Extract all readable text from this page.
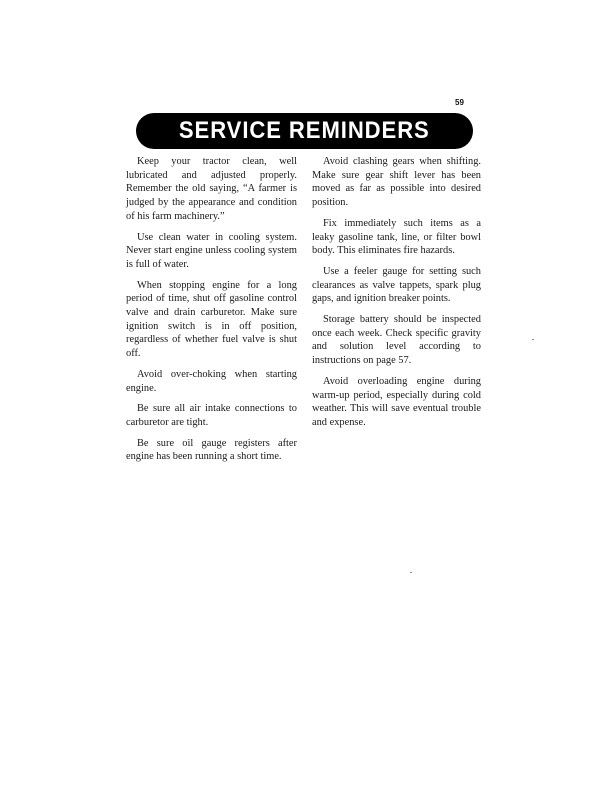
59
SERVICE REMINDERS

Keep your tractor clean, well lubricated and adjusted properly. Remember the old saying, “A farmer is judged by the appearance and condition of his farm machinery.”

Use clean water in cooling system. Never start engine unless cooling system is full of water.

When stopping engine for a long period of time, shut off gasoline control valve and drain carburetor. Make sure ignition switch is in off position, regardless of whether fuel valve is shut off.

Avoid over-choking when starting engine.

Be sure all air intake connections to carburetor are tight.

Be sure oil gauge registers after engine has been running a short time.

Avoid clashing gears when shifting. Make sure gear shift lever has been moved as far as possible into desired position.

Fix immediately such items as a leaky gasoline tank, line, or filter bowl body. This eliminates fire hazards.

Use a feeler gauge for setting such clearances as valve tappets, spark plug gaps, and ignition breaker points.

Storage battery should be inspected once each week. Check specific gravity and solution level according to instructions on page 57.

Avoid overloading engine during warm-up period, especially during cold weather. This will save eventual trouble and expense.
